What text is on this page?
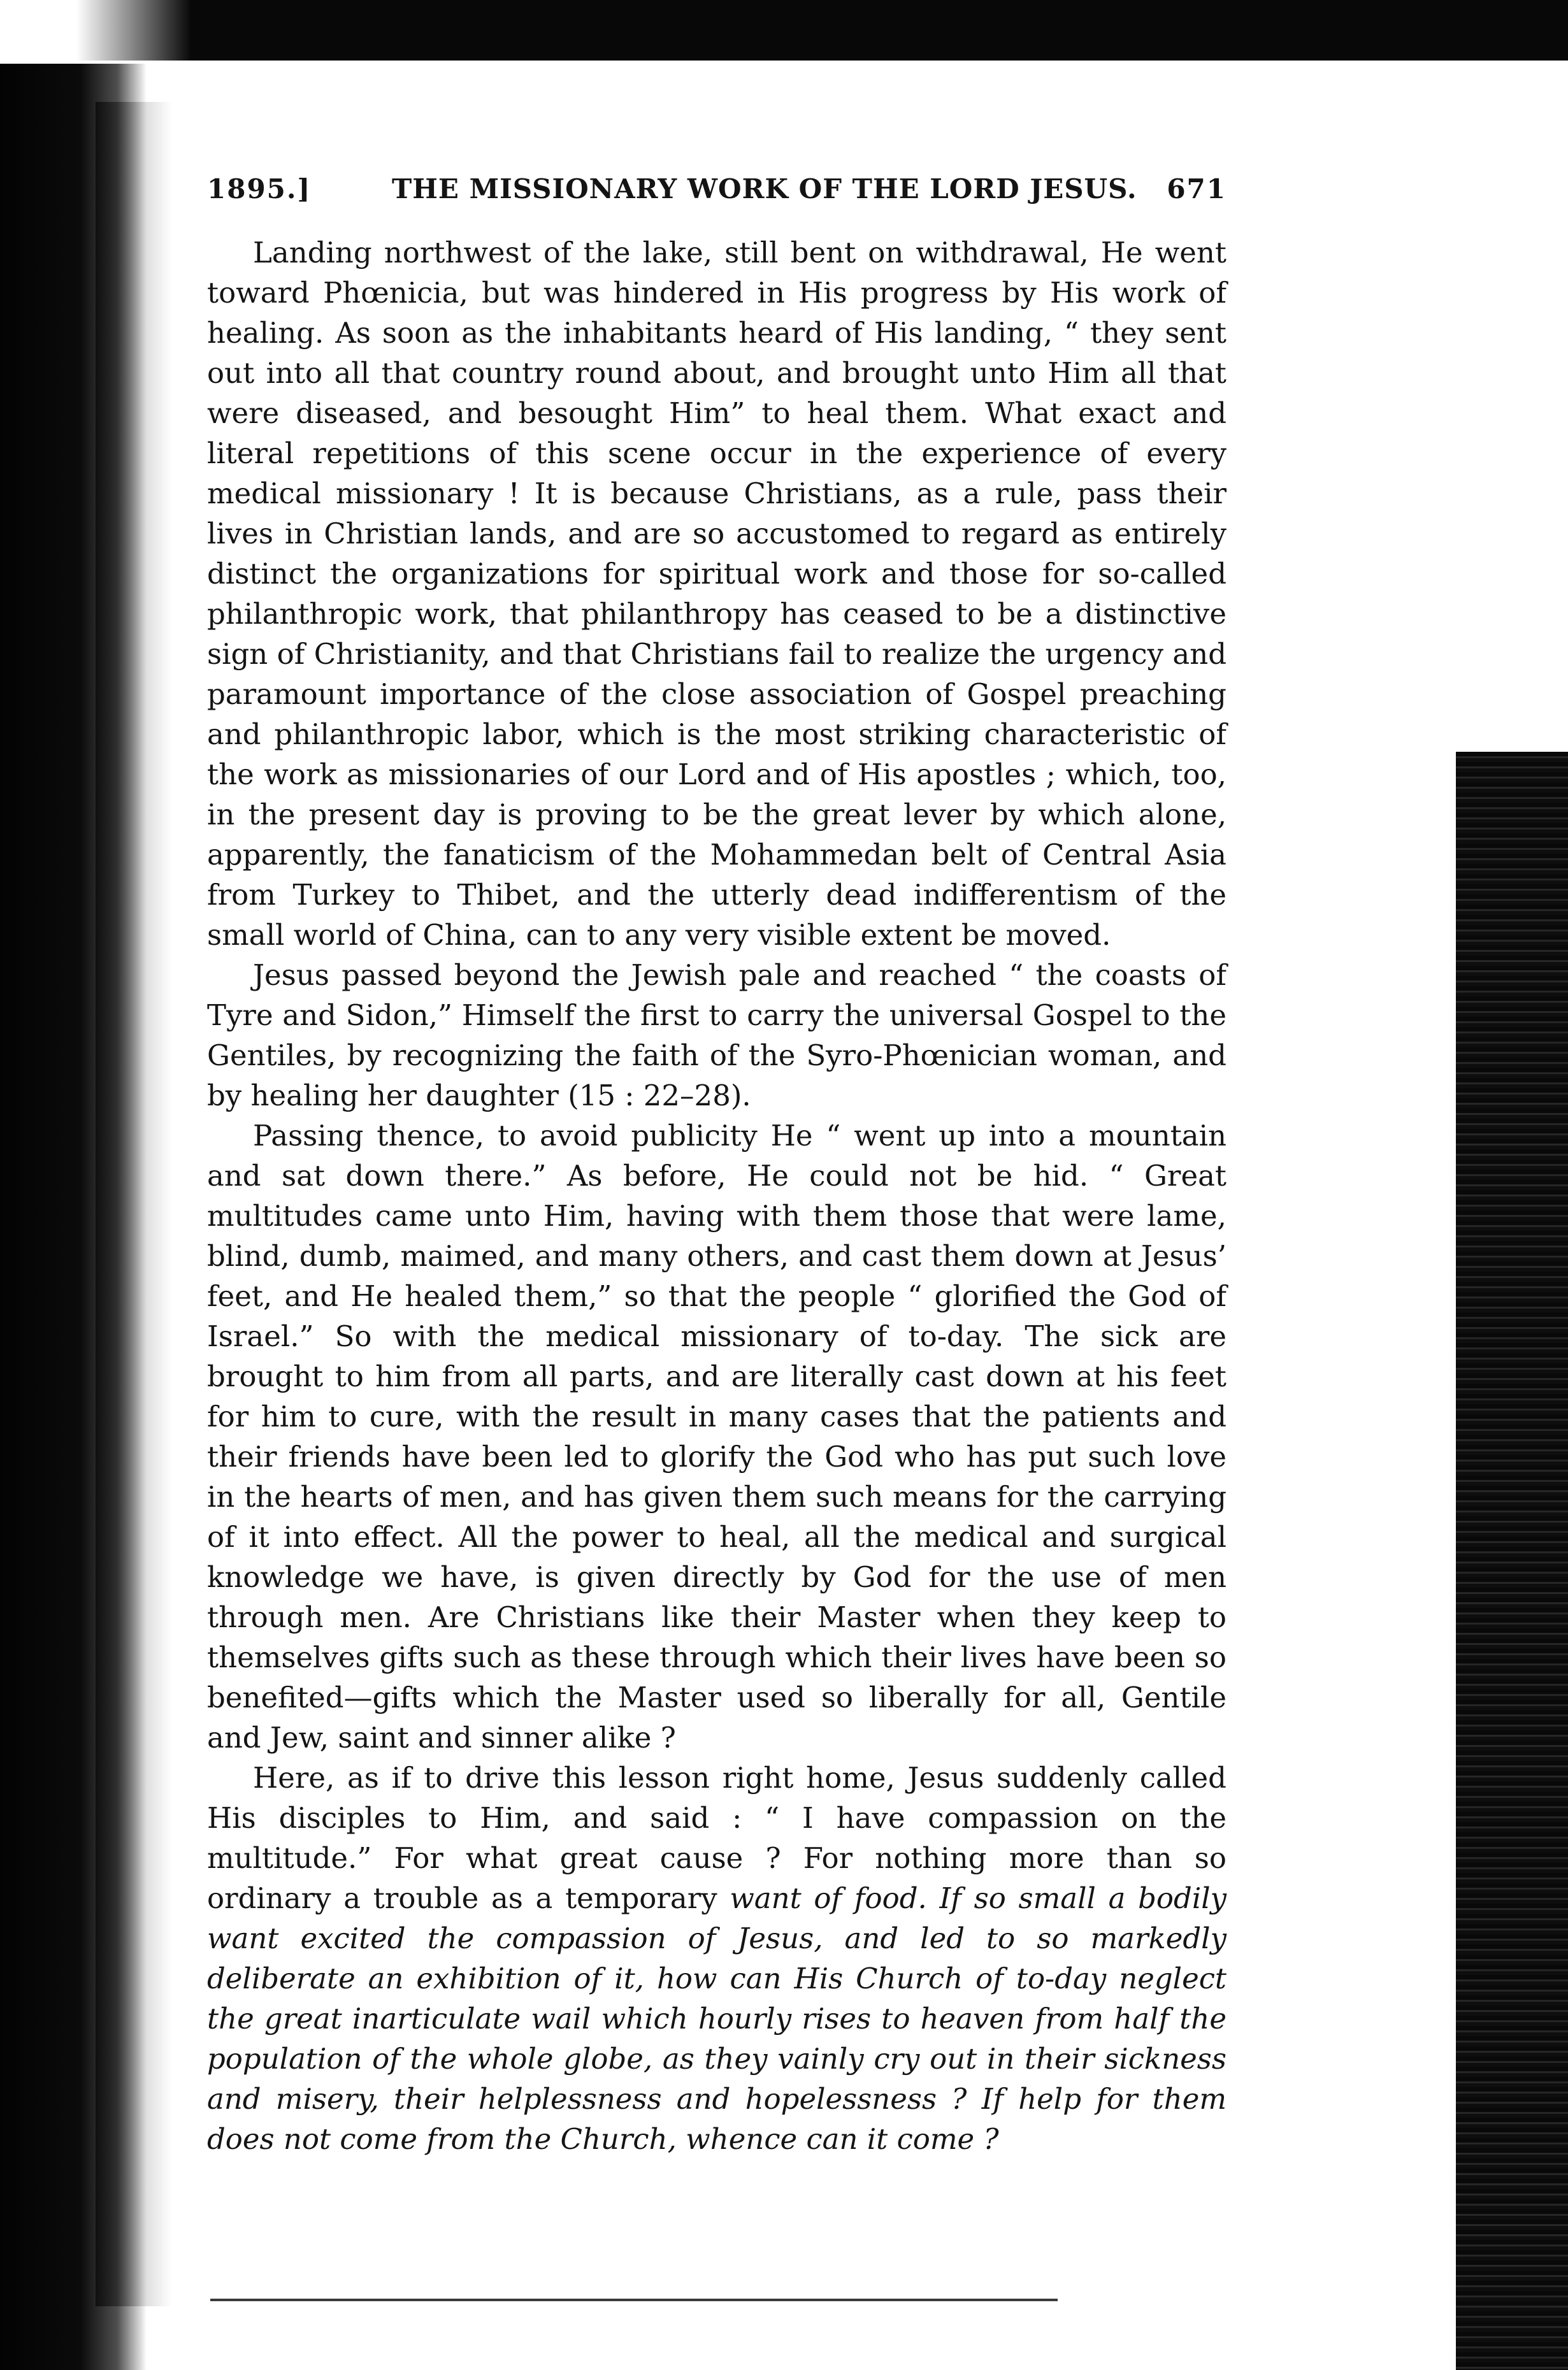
1895.]	THE MISSIONARY WORK OF THE LORD JESUS. 671

Landing northwest of the lake, still bent on withdrawal, He went toward Phœnicia, but was hindered in His progress by His work of healing. As soon as the inhabitants heard of His landing, “ they sent out into all that country round about, and brought unto Him all that were diseased, and besought Him” to heal them. What exact and literal repetitions of this scene occur in the experience of every medical missionary ! It is because Christians, as a rule, pass their lives in Christian lands, and are so accustomed to regard as entirely distinct the organizations for spiritual work and those for so-called philanthropic work, that philanthropy has ceased to be a distinctive sign of Christianity, and that Christians fail to realize the urgency and paramount importance of the close association of Gospel preaching and philanthropic labor, which is the most striking characteristic of the work as missionaries of our Lord and of His apostles ; which, too, in the present day is proving to be the great lever by which alone, apparently, the fanaticism of the Mohammedan belt of Central Asia from Turkey to Thibet, and the utterly dead indifferentism of the small world of China, can to any very visible extent be moved.

Jesus passed beyond the Jewish pale and reached “ the coasts of Tyre and Sidon,” Himself the first to carry the universal Gospel to the Gentiles, by recognizing the faith of the Syro-Phœnician woman, and by healing her daughter (15 : 22–28).

Passing thence, to avoid publicity He “ went up into a mountain and sat down there.” As before, He could not be hid. “ Great multitudes came unto Him, having with them those that were lame, blind, dumb, maimed, and many others, and cast them down at Jesus’ feet, and He healed them,” so that the people “ glorified the God of Israel.” So with the medical missionary of to-day. The sick are brought to him from all parts, and are literally cast down at his feet for him to cure, with the result in many cases that the patients and their friends have been led to glorify the God who has put such love in the hearts of men, and has given them such means for the carrying of it into effect. All the power to heal, all the medical and surgical knowledge we have, is given directly by God for the use of men through men. Are Christians like their Master when they keep to themselves gifts such as these through which their lives have been so benefited—gifts which the Master used so liberally for all, Gentile and Jew, saint and sinner alike ?

Here, as if to drive this lesson right home, Jesus suddenly called His disciples to Him, and said : “ I have compassion on the multitude.” For what great cause ? For nothing more than so ordinary a trouble as a temporary want of food. If so small a bodily want excited the compassion of Jesus, and led to so markedly deliberate an exhibition of it, how can His Church of to-day neglect the great inarticulate wail which hourly rises to heaven from half the population of the whole globe, as they vainly cry out in their sickness and misery, their helplessness and hopelessness ? If help for them does not come from the Church, whence can it come ?
